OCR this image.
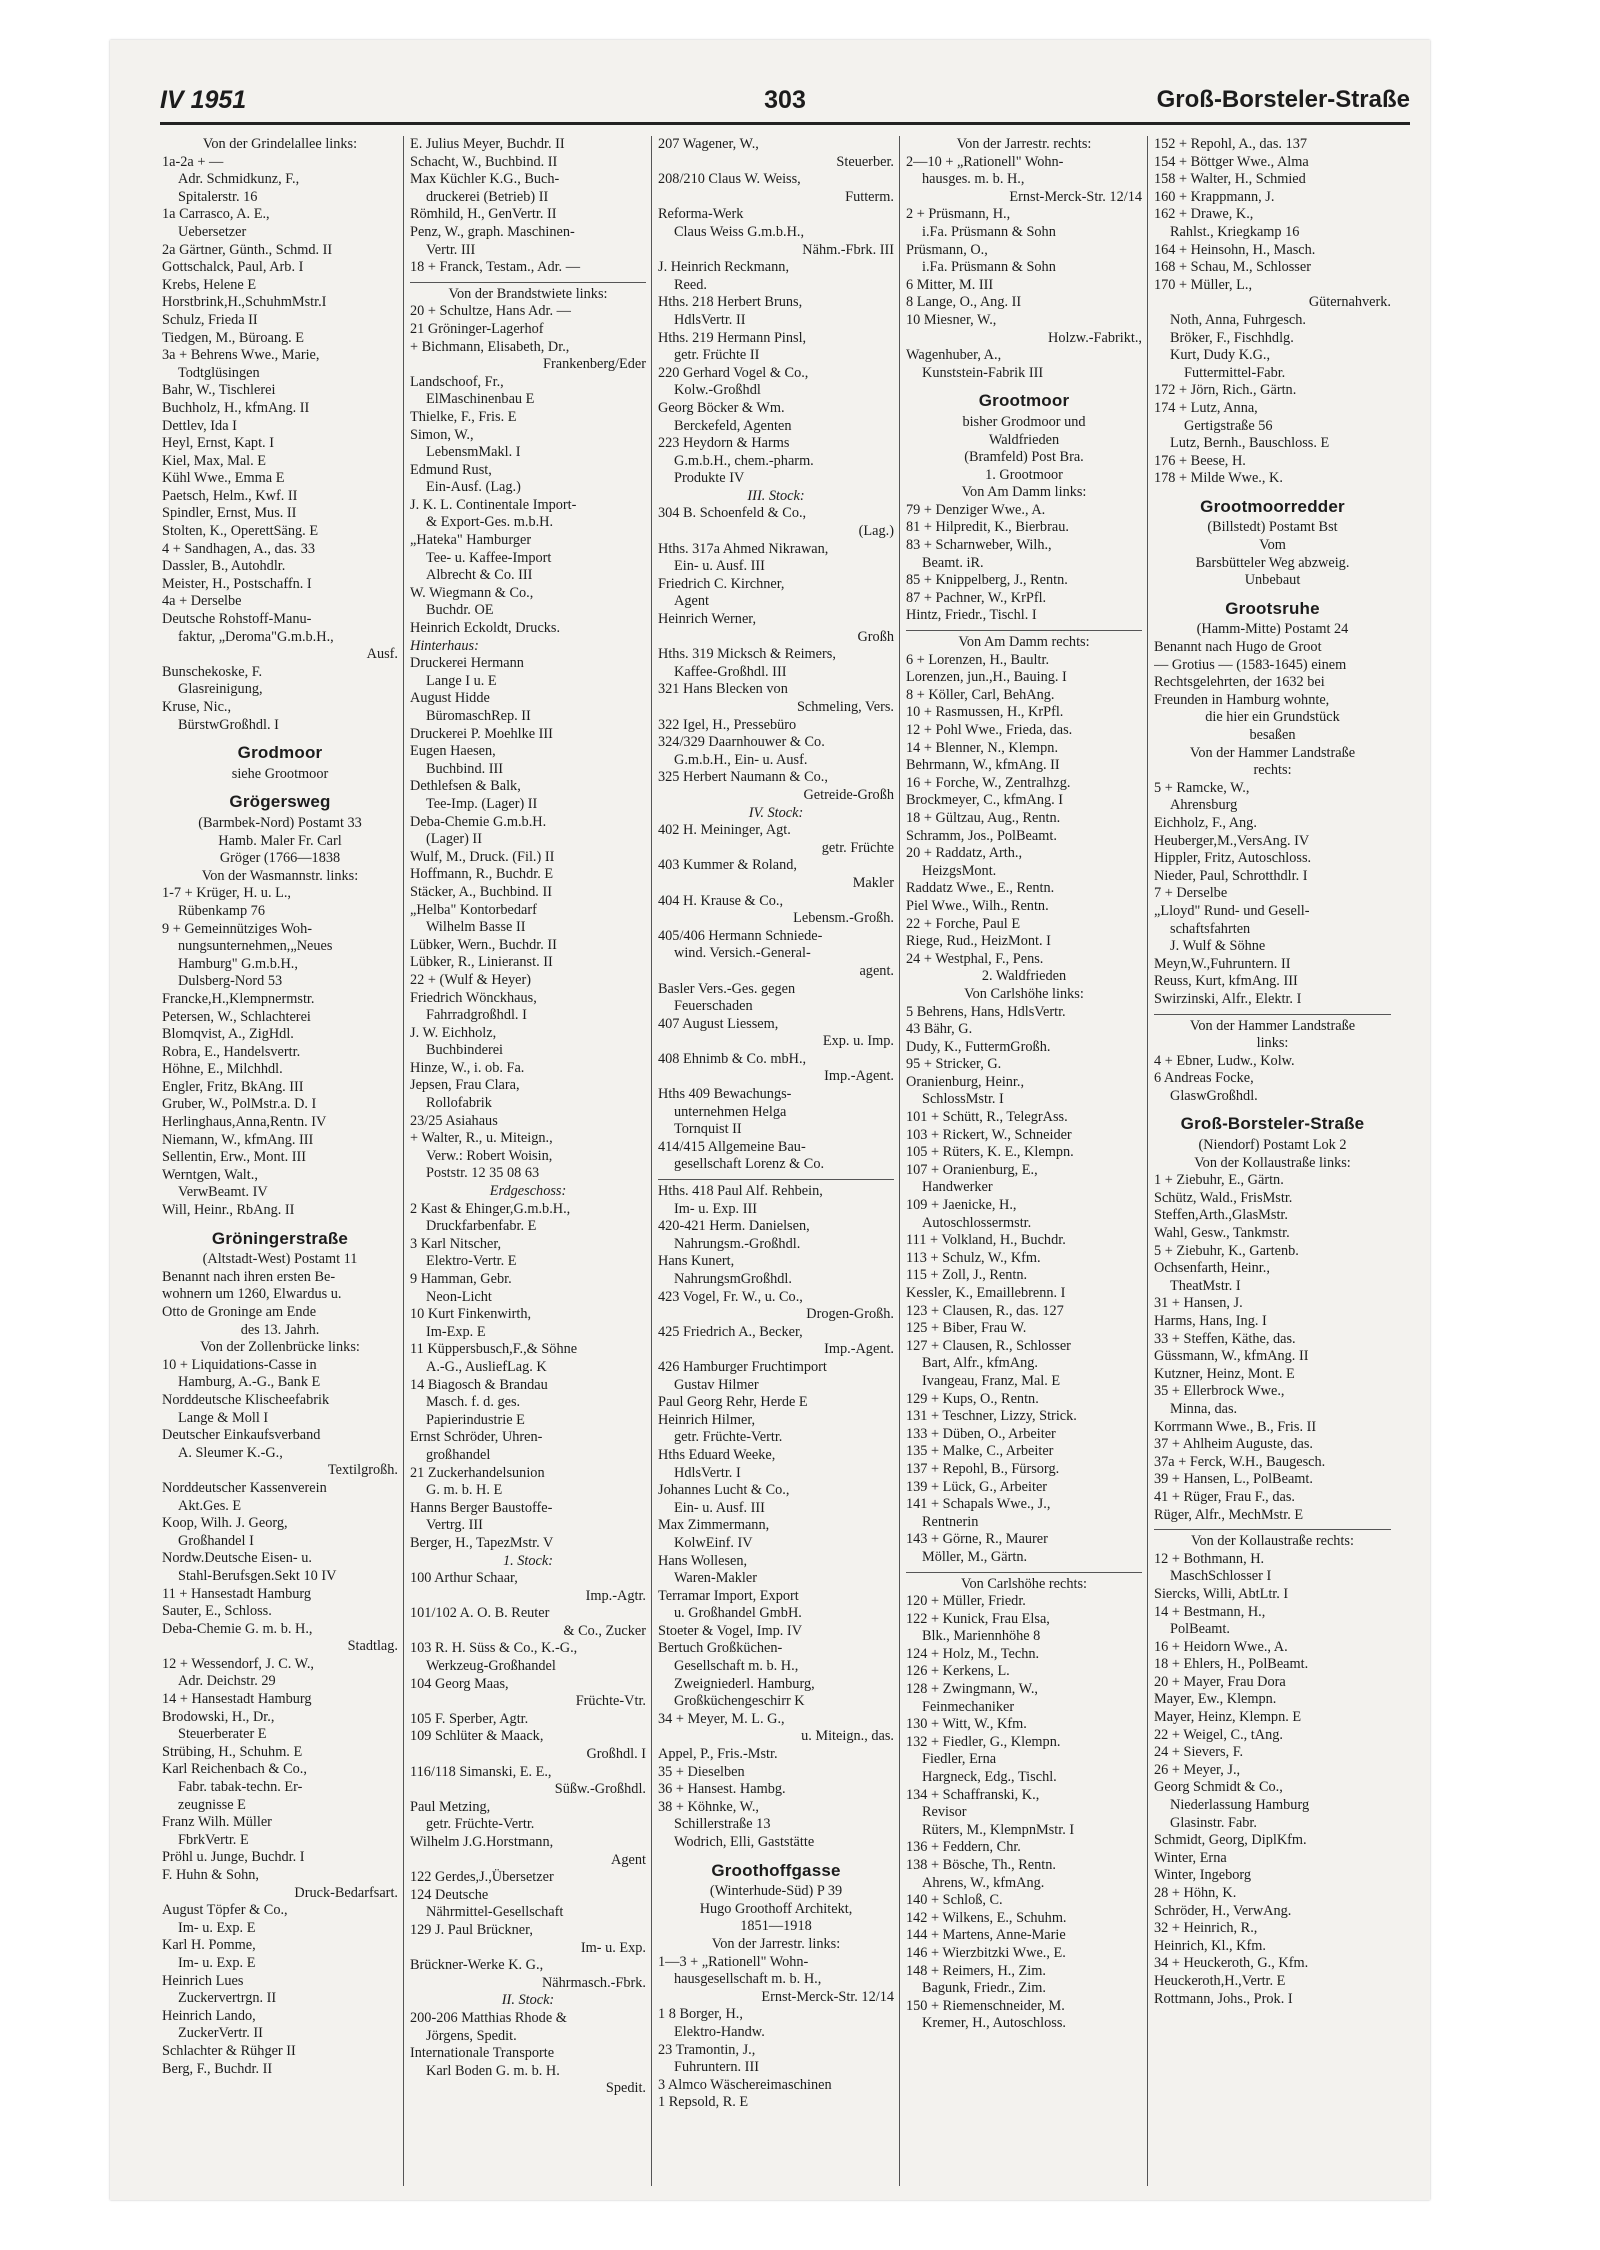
IV 1951	303	Groß-Borsteler-Straße
Von der Grindelallee links:
1a-2a + —
Adr. Schmidkunz, F.,
Spitalerstr. 16
1a Carrasco, A. E.,
Uebersetzer
2a Gärtner, Günth., Schmd. II
Gottschalck, Paul, Arb. I
Krebs, Helene E
Horstbrink,H.,SchuhmMstr.I
Schulz, Frieda II
Tiedgen, M., Büroang. E
3a + Behrens Wwe., Marie,
Todtglüsingen
Bahr, W., Tischlerei
Buchholz, H., kfmAng. II
Dettlev, Ida I
Heyl, Ernst, Kapt. I
Kiel, Max, Mal. E
Kühl Wwe., Emma E
Paetsch, Helm., Kwf. II
Spindler, Ernst, Mus. II
Stolten, K., OperettSäng. E
4 + Sandhagen, A., das. 33
Dassler, B., Autohdlr.
Meister, H., Postschaffn. I
4a + Derselbe
Deutsche Rohstoff-Manu-
faktur, „Deroma"G.m.b.H.,
Ausf.
Bunschekoske, F.
Glasreinigung,
Kruse, Nic.,
BürstwGroßhdl. I
Grodmoor
siehe Grootmoor
Grögersweg
(Barmbek-Nord) Postamt 33
Hamb. Maler Fr. Carl
Gröger (1766—1838
Von der Wasmannstr. links:
1-7 + Krüger, H. u. L.,
Rübenkamp 76
9 + Gemeinnütziges Woh-
nungsunternehmen,„Neues
Hamburg" G.m.b.H.,
Dulsberg-Nord 53
Francke,H.,Klempnermstr.
Petersen, W., Schlachterei
Blomqvist, A., ZigHdl.
Robra, E., Handelsvertr.
Höhne, E., Milchhdl.
Engler, Fritz, BkAng. III
Gruber, W., PolMstr.a. D. I
Herlinghaus,Anna,Rentn. IV
Niemann, W., kfmAng. III
Sellentin, Erw., Mont. III
Werntgen, Walt.,
VerwBeamt. IV
Will, Heinr., RbAng. II
Gröningerstraße
(Altstadt-West) Postamt 11
Benannt nach ihren ersten Be-
wohnern um 1260, Elwardus u.
Otto de Groninge am Ende
des 13. Jahrh.
Von der Zollenbrücke links:
10 + Liquidations-Casse in
Hamburg, A.-G., Bank E
Norddeutsche Klischeefabrik
Lange & Moll I
Deutscher Einkaufsverband
A. Sleumer K.-G.,
Textilgroßh.
Norddeutscher Kassenverein
Akt.Ges. E
Koop, Wilh. J. Georg,
Großhandel I
Nordw.Deutsche Eisen- u.
Stahl-Berufsgen.Sekt 10 IV
11 + Hansestadt Hamburg
Sauter, E., Schloss.
Deba-Chemie G. m. b. H.,
Stadtlag.
12 + Wessendorf, J. C. W.,
Adr. Deichstr. 29
14 + Hansestadt Hamburg
Brodowski, H., Dr.,
Steuerberater E
Strübing, H., Schuhm. E
Karl Reichenbach & Co.,
Fabr. tabak-techn. Er-
zeugnisse E
Franz Wilh. Müller
FbrkVertr. E
Pröhl u. Junge, Buchdr. I
F. Huhn & Sohn,
Druck-Bedarfsart.
August Töpfer & Co.,
Im- u. Exp. E
Karl H. Pomme,
Im- u. Exp. E
Heinrich Lues
Zuckervertrgn. II
Heinrich Lando,
ZuckerVertr. II
Schlachter & Rühger II
Berg, F., Buchdr. II
E. Julius Meyer, Buchdr. II
Schacht, W., Buchbind. II
Max Küchler K.G., Buch-
druckerei (Betrieb) II
Römhild, H., GenVertr. II
Penz, W., graph. Maschinen-
Vertr. III
18 + Franck, Testam., Adr. —
Von der Brandstwiete links:
20 + Schultze, Hans Adr. —
21 Gröninger-Lagerhof
+ Bichmann, Elisabeth, Dr.,
Frankenberg/Eder
Landschoof, Fr.,
ElMaschinenbau E
Thielke, F., Fris. E
Simon, W.,
LebensmMakl. I
Edmund Rust,
Ein-Ausf. (Lag.)
J. K. L. Continentale Import-
& Export-Ges. m.b.H.
„Hateka" Hamburger
Tee- u. Kaffee-Import
Albrecht & Co. III
W. Wiegmann & Co.,
Buchdr. OE
Heinrich Eckoldt, Drucks.
Hinterhaus:
Druckerei Hermann
Lange I u. E
August Hidde
BüromaschRep. II
Druckerei P. Moehlke III
Eugen Haesen,
Buchbind. III
Dethlefsen & Balk,
Tee-Imp. (Lager) II
Deba-Chemie G.m.b.H.
(Lager) II
Wulf, M., Druck. (Fil.) II
Hoffmann, R., Buchdr. E
Stäcker, A., Buchbind. II
„Helba" Kontorbedarf
Wilhelm Basse II
Lübker, Wern., Buchdr. II
Lübker, R., Linieranst. II
22 + (Wulf & Heyer)
Friedrich Wönckhaus,
Fahrradgroßhdl. I
J. W. Eichholz,
Buchbinderei
Hinze, W., i. ob. Fa.
Jepsen, Frau Clara,
Rollofabrik
23/25 Asiahaus
+ Walter, R., u. Miteign.,
Verw.: Robert Woisin,
Poststr. 12 35 08 63
Erdgeschoss:
2 Kast & Ehinger,G.m.b.H.,
Druckfarbenfabr. E
3 Karl Nitscher,
Elektro-Vertr. E
9 Hamman, Gebr.
Neon-Licht
10 Kurt Finkenwirth,
Im-Exp. E
11 Küppersbusch,F.,& Söhne
A.-G., AusliefLag. K
14 Biagosch & Brandau
Masch. f. d. ges.
Papierindustrie E
Ernst Schröder, Uhren-
großhandel
21 Zuckerhandelsunion
G. m. b. H. E
Hanns Berger Baustoffe-
Vertrg. III
Berger, H., TapezMstr. V
1. Stock:
100 Arthur Schaar,
Imp.-Agtr.
101/102 A. O. B. Reuter
& Co., Zucker
103 R. H. Süss & Co., K.-G.,
Werkzeug-Großhandel
104 Georg Maas,
Früchte-Vtr.
105 F. Sperber, Agtr.
109 Schlüter & Maack,
Großhdl. I
116/118 Simanski, E. E.,
Süßw.-Großhdl.
Paul Metzing,
getr. Früchte-Vertr.
Wilhelm J.G.Horstmann,
Agent
122 Gerdes,J.,Übersetzer
124 Deutsche
Nährmittel-Gesellschaft
129 J. Paul Brückner,
Im- u. Exp.
Brückner-Werke K. G.,
Nährmasch.-Fbrk.
II. Stock:
200-206 Matthias Rhode &
Jörgens, Spedit.
Internationale Transporte
Karl Boden G. m. b. H.
Spedit.
207 Wagener, W.,
Steuerber.
208/210 Claus W. Weiss,
Futterm.
Reforma-Werk
Claus Weiss G.m.b.H.,
Nähm.-Fbrk. III
J. Heinrich Reckmann,
Reed.
Hths. 218 Herbert Bruns,
HdlsVertr. II
Hths. 219 Hermann Pinsl,
getr. Früchte II
220 Gerhard Vogel & Co.,
Kolw.-Großhdl
Georg Böcker & Wm.
Berckefeld, Agenten
223 Heydorn & Harms
G.m.b.H., chem.-pharm.
Produkte IV
III. Stock:
304 B. Schoenfeld & Co.,
(Lag.)
Hths. 317a Ahmed Nikrawan,
Ein- u. Ausf. III
Friedrich C. Kirchner,
Agent
Heinrich Werner,
Großh
Hths. 319 Micksch & Reimers,
Kaffee-Großhdl. III
321 Hans Blecken von
Schmeling, Vers.
322 Igel, H., Pressebüro
324/329 Daarnhouwer & Co.
G.m.b.H., Ein- u. Ausf.
325 Herbert Naumann & Co.,
Getreide-Großh
IV. Stock:
402 H. Meininger, Agt.
getr. Früchte
403 Kummer & Roland,
Makler
404 H. Krause & Co.,
Lebensm.-Großh.
405/406 Hermann Schniede-
wind. Versich.-General-
agent.
Basler Vers.-Ges. gegen
Feuerschaden
407 August Liessem,
Exp. u. Imp.
408 Ehnimb & Co. mbH.,
Imp.-Agent.
Hths 409 Bewachungs-
unternehmen Helga
Tornquist II
414/415 Allgemeine Bau-
gesellschaft Lorenz & Co.
Hths. 418 Paul Alf. Rehbein,
Im- u. Exp. III
420-421 Herm. Danielsen,
Nahrungsm.-Großhdl.
Hans Kunert,
NahrungsmGroßhdl.
423 Vogel, Fr. W., u. Co.,
Drogen-Großh.
425 Friedrich A., Becker,
Imp.-Agent.
426 Hamburger Fruchtimport
Gustav Hilmer
Paul Georg Rehr, Herde E
Heinrich Hilmer,
getr. Früchte-Vertr.
Hths Eduard Weeke,
HdlsVertr. I
Johannes Lucht & Co.,
Ein- u. Ausf. III
Max Zimmermann,
KolwEinf. IV
Hans Wollesen,
Waren-Makler
Terramar Import, Export
u. Großhandel GmbH.
Stoeter & Vogel, Imp. IV
Bertuch Großküchen-
Gesellschaft m. b. H.,
Zweigniederl. Hamburg,
Großküchengeschirr K
34 + Meyer, M. L. G.,
u. Miteign., das.
Appel, P., Fris.-Mstr.
35 + Dieselben
36 + Hansest. Hambg.
38 + Köhnke, W.,
Schillerstraße 13
Wodrich, Elli, Gaststätte
Groothoffgasse
(Winterhude-Süd) P 39
Hugo Groothoff Architekt,
1851—1918
Von der Jarrestr. links:
1—3 + „Rationell" Wohn-
hausgesellschaft m. b. H.,
Ernst-Merck-Str. 12/14
1 8 Borger, H.,
Elektro-Handw.
23 Tramontin, J.,
Fuhruntern. III
3 Almco Wäschereimaschinen
1 Repsold, R. E
Von der Jarrestr. rechts:
2—10 + „Rationell" Wohn-
hausges. m. b. H.,
Ernst-Merck-Str. 12/14
2 + Prüsmann, H.,
i.Fa. Prüsmann & Sohn
Prüsmann, O.,
i.Fa. Prüsmann & Sohn
6 Mitter, M. III
8 Lange, O., Ang. II
10 Miesner, W.,
Holzw.-Fabrikt.,
Wagenhuber, A.,
Kunststein-Fabrik III
Grootmoor
bisher Grodmoor und
Waldfrieden
(Bramfeld) Post Bra.
1. Grootmoor
Von Am Damm links:
79 + Denziger Wwe., A.
81 + Hilpredit, K., Bierbrau.
83 + Scharnweber, Wilh.,
Beamt. iR.
85 + Knippelberg, J., Rentn.
87 + Pachner, W., KrPfl.
Hintz, Friedr., Tischl. I
Von Am Damm rechts:
6 + Lorenzen, H., Baultr.
Lorenzen, jun.,H., Bauing. I
8 + Köller, Carl, BehAng.
10 + Rasmussen, H., KrPfl.
12 + Pohl Wwe., Frieda, das.
14 + Blenner, N., Klempn.
Behrmann, W., kfmAng. II
16 + Forche, W., Zentralhzg.
Brockmeyer, C., kfmAng. I
18 + Gültzau, Aug., Rentn.
Schramm, Jos., PolBeamt.
20 + Raddatz, Arth.,
HeizgsMont.
Raddatz Wwe., E., Rentn.
Piel Wwe., Wilh., Rentn.
22 + Forche, Paul E
Riege, Rud., HeizMont. I
24 + Westphal, F., Pens.
2. Waldfrieden
Von Carlshöhe links:
5 Behrens, Hans, HdlsVertr.
43 Bähr, G.
Dudy, K., FuttermGroßh.
95 + Stricker, G.
Oranienburg, Heinr.,
SchlossMstr. I
101 + Schütt, R., TelegrAss.
103 + Rickert, W., Schneider
105 + Rüters, K. E., Klempn.
107 + Oranienburg, E.,
Handwerker
109 + Jaenicke, H.,
Autoschlossermstr.
111 + Volkland, H., Buchdr.
113 + Schulz, W., Kfm.
115 + Zoll, J., Rentn.
Kessler, K., Emaillebrenn. I
123 + Clausen, R., das. 127
125 + Biber, Frau W.
127 + Clausen, R., Schlosser
Bart, Alfr., kfmAng.
Ivangeau, Franz, Mal. E
129 + Kups, O., Rentn.
131 + Teschner, Lizzy, Strick.
133 + Düben, O., Arbeiter
135 + Malke, C., Arbeiter
137 + Repohl, B., Fürsorg.
139 + Lück, G., Arbeiter
141 + Schapals Wwe., J.,
Rentnerin
143 + Görne, R., Maurer
Möller, M., Gärtn.
Von Carlshöhe rechts:
120 + Müller, Friedr.
122 + Kunick, Frau Elsa,
Blk., Mariennhöhe 8
124 + Holz, M., Techn.
126 + Kerkens, L.
128 + Zwingmann, W.,
Feinmechaniker
130 + Witt, W., Kfm.
132 + Fiedler, G., Klempn.
Fiedler, Erna
Hargneck, Edg., Tischl.
134 + Schaffranski, K.,
Revisor
Rüters, M., KlempnMstr. I
136 + Feddern, Chr.
138 + Bösche, Th., Rentn.
Ahrens, W., kfmAng.
140 + Schloß, C.
142 + Wilkens, E., Schuhm.
144 + Martens, Anne-Marie
146 + Wierzbitzki Wwe., E.
148 + Reimers, H., Zim.
Bagunk, Friedr., Zim.
150 + Riemenschneider, M.
Kremer, H., Autoschloss.
152 + Repohl, A., das. 137
154 + Böttger Wwe., Alma
158 + Walter, H., Schmied
160 + Krappmann, J.
162 + Drawe, K.,
Rahlst., Kriegkamp 16
164 + Heinsohn, H., Masch.
168 + Schau, M., Schlosser
170 + Müller, L.,
Güternahverk.
Noth, Anna, Fuhrgesch.
Bröker, F., Fischhdlg.
Kurt, Dudy K.G.,
Futtermittel-Fabr.
172 + Jörn, Rich., Gärtn.
174 + Lutz, Anna,
Gertigstraße 56
Lutz, Bernh., Bauschloss. E
176 + Beese, H.
178 + Milde Wwe., K.
Grootmoorredder
(Billstedt) Postamt Bst
Vom
Barsbütteler Weg abzweig.
Unbebaut
Grootsruhe
(Hamm-Mitte) Postamt 24
Benannt nach Hugo de Groot
— Grotius — (1583-1645) einem
Rechtsgelehrten, der 1632 bei
Freunden in Hamburg wohnte,
die hier ein Grundstück
besaßen
Von der Hammer Landstraße
rechts:
5 + Ramcke, W.,
Ahrensburg
Eichholz, F., Ang.
Heuberger,M.,VersAng. IV
Hippler, Fritz, Autoschloss.
Nieder, Paul, Schrotthdlr. I
7 + Derselbe
„Lloyd" Rund- und Gesell-
schaftsfahrten
J. Wulf & Söhne
Meyn,W.,Fuhruntern. II
Reuss, Kurt, kfmAng. III
Swirzinski, Alfr., Elektr. I
Von der Hammer Landstraße
links:
4 + Ebner, Ludw., Kolw.
6 Andreas Focke,
GlaswGroßhdl.
Groß-Borsteler-Straße
(Niendorf) Postamt Lok 2
Von der Kollaustraße links:
1 + Ziebuhr, E., Gärtn.
Schütz, Wald., FrisMstr.
Steffen,Arth.,GlasMstr.
Wahl, Gesw., Tankmstr.
5 + Ziebuhr, K., Gartenb.
Ochsenfarth, Heinr.,
TheatMstr. I
31 + Hansen, J.
Harms, Hans, Ing. I
33 + Steffen, Käthe, das.
Güssmann, W., kfmAng. II
Kutzner, Heinz, Mont. E
35 + Ellerbrock Wwe.,
Minna, das.
Korrmann Wwe., B., Fris. II
37 + Ahlheim Auguste, das.
37a + Ferck, W.H., Baugesch.
39 + Hansen, L., PolBeamt.
41 + Rüger, Frau F., das.
Rüger, Alfr., MechMstr. E
Von der Kollaustraße rechts:
12 + Bothmann, H.
MaschSchlosser I
Siercks, Willi, AbtLtr. I
14 + Bestmann, H.,
PolBeamt.
16 + Heidorn Wwe., A.
18 + Ehlers, H., PolBeamt.
20 + Mayer, Frau Dora
Mayer, Ew., Klempn.
Mayer, Heinz, Klempn. E
22 + Weigel, C., tAng.
24 + Sievers, F.
26 + Meyer, J.,
Georg Schmidt & Co.,
Niederlassung Hamburg
Glasinstr. Fabr.
Schmidt, Georg, DiplKfm.
Winter, Erna
Winter, Ingeborg
28 + Höhn, K.
Schröder, H., VerwAng.
32 + Heinrich, R.,
Heinrich, Kl., Kfm.
34 + Heuckeroth, G., Kfm.
Heuckeroth,H.,Vertr. E
Rottmann, Johs., Prok. I
